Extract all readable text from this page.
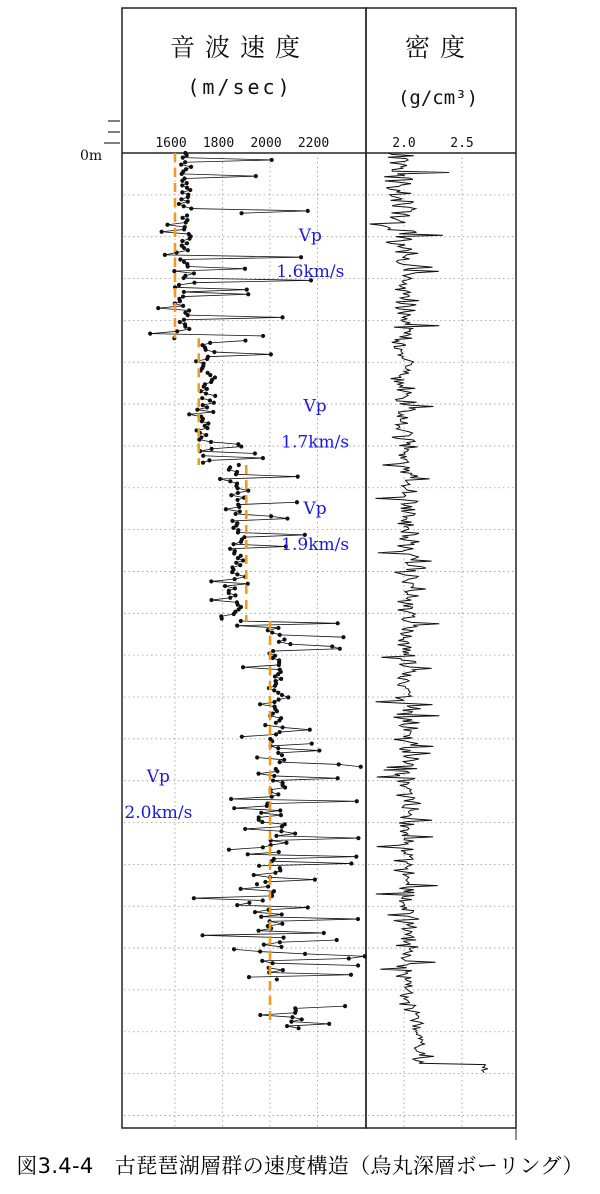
音波速度
(m/sec)
密度
(g/cm³)
0m
1600 1800 2000 2200	2.0	2.5
Vp
1.6km/s
Vp
1.7km/s
Vp
1.9km/s
Vp
2.0km/s
図3.4-4　古琵琶湖層群の速度構造（烏丸深層ボーリング）
